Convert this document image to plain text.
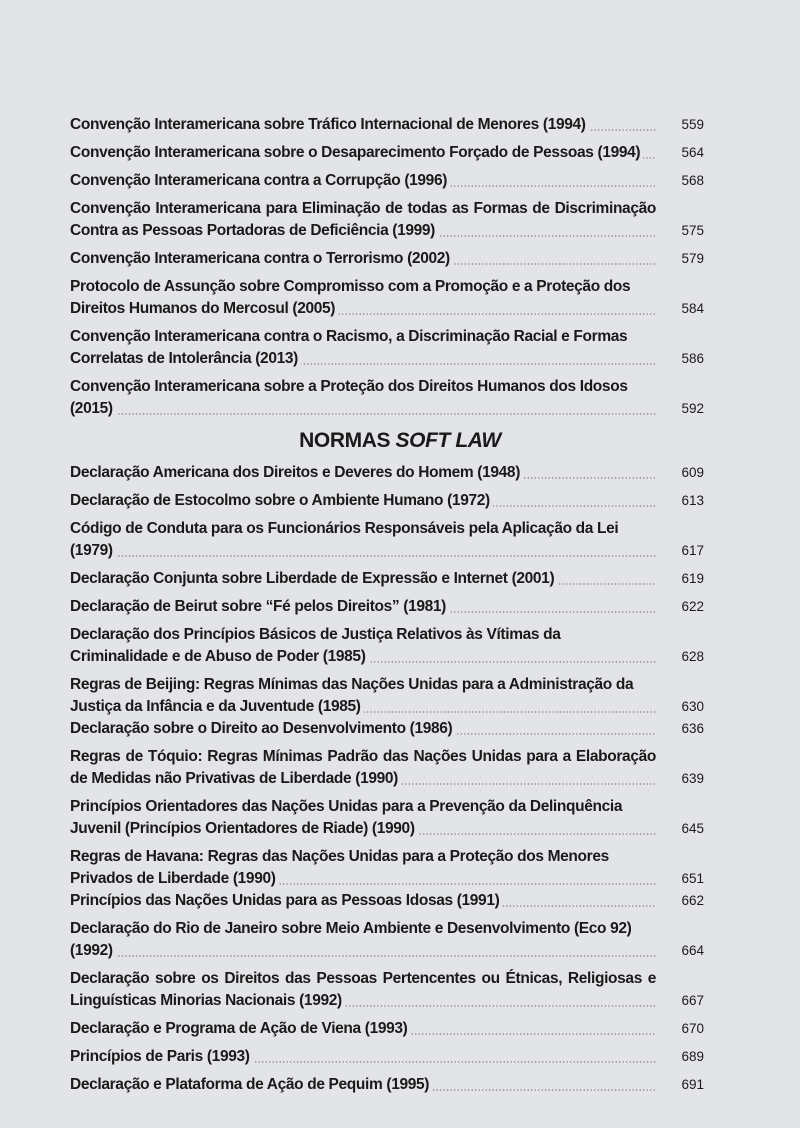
Convenção Interamericana sobre Tráfico Internacional de Menores (1994)	559
Convenção Interamericana sobre o Desaparecimento Forçado de Pessoas (1994)	564
Convenção Interamericana contra a Corrupção (1996)	568
Convenção Interamericana para Eliminação de todas as Formas de Discriminação Contra as Pessoas Portadoras de Deficiência (1999)	575
Convenção Interamericana contra o Terrorismo (2002)	579
Protocolo de Assunção sobre Compromisso com a Promoção e a Proteção dos Direitos Humanos do Mercosul (2005)	584
Convenção Interamericana contra o Racismo, a Discriminação Racial e Formas Correlatas de Intolerância (2013)	586
Convenção Interamericana sobre a Proteção dos Direitos Humanos dos Idosos (2015)	592
NORMAS SOFT LAW
Declaração Americana dos Direitos e Deveres do Homem (1948)	609
Declaração de Estocolmo sobre o Ambiente Humano (1972)	613
Código de Conduta para os Funcionários Responsáveis pela Aplicação da Lei (1979)	617
Declaração Conjunta sobre Liberdade de Expressão e Internet (2001)	619
Declaração de Beirut sobre “Fé pelos Direitos” (1981)	622
Declaração dos Princípios Básicos de Justiça Relativos às Vítimas da Criminalidade e de Abuso de Poder (1985)	628
Regras de Beijing: Regras Mínimas das Nações Unidas para a Administração da Justiça da Infância e da Juventude (1985)	630
Declaração sobre o Direito ao Desenvolvimento (1986)	636
Regras de Tóquio: Regras Mínimas Padrão das Nações Unidas para a Elaboração de Medidas não Privativas de Liberdade (1990)	639
Princípios Orientadores das Nações Unidas para a Prevenção da Delinquência Juvenil (Princípios Orientadores de Riade) (1990)	645
Regras de Havana: Regras das Nações Unidas para a Proteção dos Menores Privados de Liberdade (1990)	651
Princípios das Nações Unidas para as Pessoas Idosas (1991)	662
Declaração do Rio de Janeiro sobre Meio Ambiente e Desenvolvimento (Eco 92) (1992)	664
Declaração sobre os Direitos das Pessoas Pertencentes ou Étnicas, Religiosas e Linguísticas Minorias Nacionais (1992)	667
Declaração e Programa de Ação de Viena (1993)	670
Princípios de Paris (1993)	689
Declaração e Plataforma de Ação de Pequim (1995)	691
